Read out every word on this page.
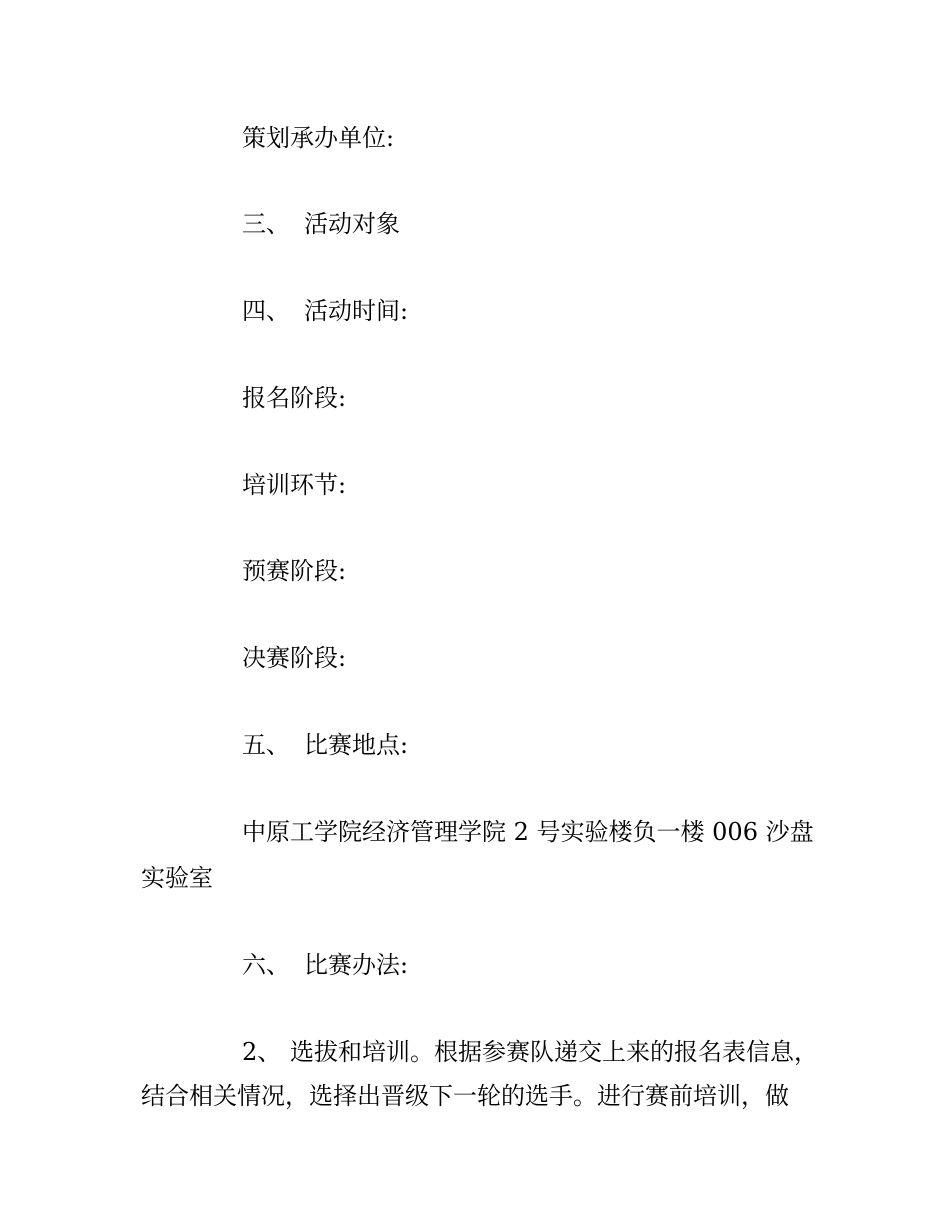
策划承办单位:
三、 活动对象
四、 活动时间:
报名阶段:
培训环节:
预赛阶段:
决赛阶段:
五、 比赛地点:
中原工学院经济管理学院 2 号实验楼负一楼 006 沙盘
实验室
六、 比赛办法:
2、 选拔和培训。根据参赛队递交上来的报名表信息，
结合相关情况，选择出晋级下一轮的选手。进行赛前培训，做
